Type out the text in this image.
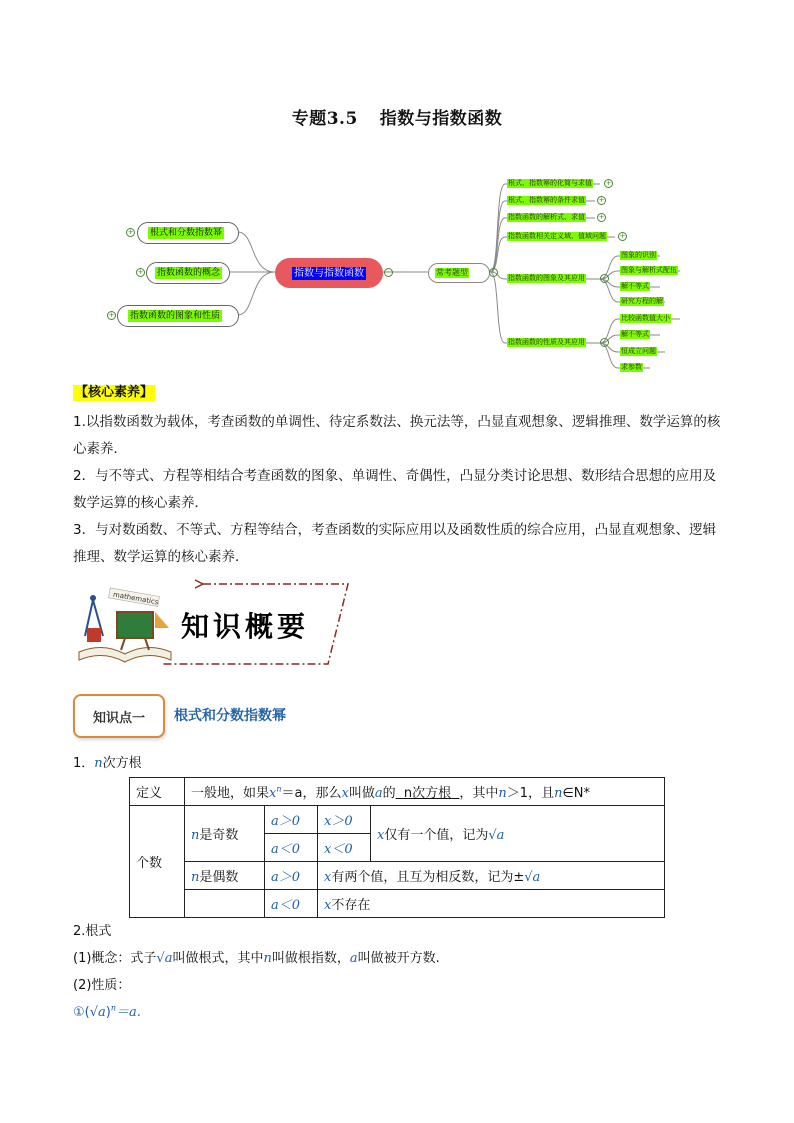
专题3.5 指数与指数函数
根式和分数指数幂
+
指数函数的概念
+
指数函数的图象和性质
+
指数与指数函数	-	常考题型	-
根式、指数幂的化简与求值 +
根式、指数幂的条件求值 +
指数函数的解析式、求值 +
指数函数相关定义域、值域问题 +
指数函数的图象及其应用	-
指数函数的性质及其应用	-
图象的识别
图象与解析式配伍
解不等式
研究方程的解
比较函数值大小
解不等式
恒成立问题
求参数
【核心素养】
1.以指数函数为载体，考查函数的单调性、待定系数法、换元法等，凸显直观想象、逻辑推理、数学运算的核心素养．
2．与不等式、方程等相结合考查函数的图象、单调性、奇偶性，凸显分类讨论思想、数形结合思想的应用及数学运算的核心素养．
3．与对数函数、不等式、方程等结合，考查函数的实际应用以及函数性质的综合应用，凸显直观想象、逻辑推理、数学运算的核心素养．
mathematics
知识概要
知识点一 根式和分数指数幂
1．n次方根
定义	一般地，如果$x^n=a$，那么x叫做a的 n次方根 ，其中n＞1，且n∈N*			
个数	n是奇数	a＞0	x＞0	x仅有一个值，记为√a
		a＜0	x＜0	
	n是偶数	a＞0	x有两个值，且互为相反数，记为±√a	
		a＜0	x不存在	
2.根式
(1)概念：式子√a叫做根式，其中n叫做根指数，a叫做被开方数.
(2)性质：
$①(√a)^n=a$.
